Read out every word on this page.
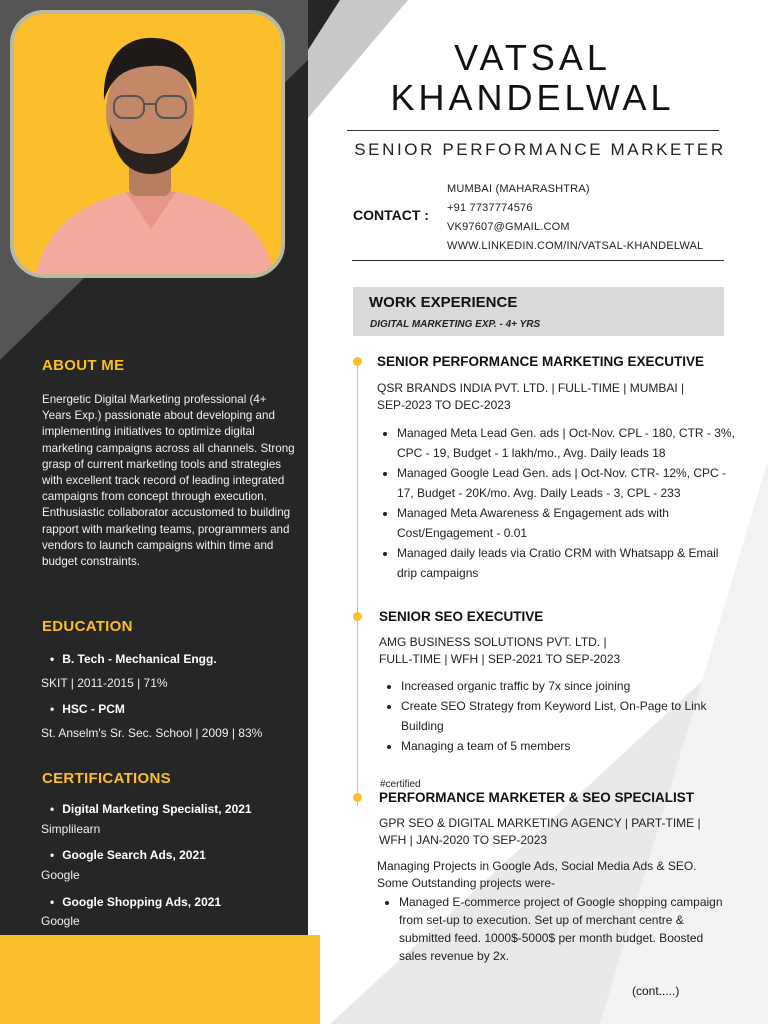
VATSAL
KHANDELWAL
SENIOR PERFORMANCE MARKETER
CONTACT :
MUMBAI (MAHARASHTRA)
+91 7737774576
VK97607@GMAIL.COM
WWW.LINKEDIN.COM/IN/VATSAL-KHANDELWAL
WORK EXPERIENCE
DIGITAL MARKETING EXP. - 4+ YRS
SENIOR PERFORMANCE MARKETING EXECUTIVE
QSR BRANDS INDIA PVT. LTD. | FULL-TIME | MUMBAI |
SEP-2023 TO DEC-2023
• Managed Meta Lead Gen. ads | Oct-Nov. CPL - 180, CTR - 3%, CPC - 19, Budget - 1 lakh/mo., Avg. Daily leads 18
• Managed Google Lead Gen. ads | Oct-Nov. CTR- 12%, CPC - 17, Budget - 20K/mo. Avg. Daily Leads - 3, CPL - 233
• Managed Meta Awareness & Engagement ads with Cost/Engagement - 0.01
• Managed daily leads via Cratio CRM with Whatsapp & Email drip campaigns
SENIOR SEO EXECUTIVE
AMG BUSINESS SOLUTIONS PVT. LTD. |
FULL-TIME | WFH | SEP-2021 TO SEP-2023
• Increased organic traffic by 7x since joining
• Create SEO Strategy from Keyword List, On-Page to Link Building
• Managing a team of 5 members
#certified
PERFORMANCE MARKETER & SEO SPECIALIST
GPR SEO & DIGITAL MARKETING AGENCY | PART-TIME |
WFH | JAN-2020 TO SEP-2023
Managing Projects in Google Ads, Social Media Ads & SEO.
Some Outstanding projects were-
• Managed E-commerce project of Google shopping campaign from set-up to execution. Set up of merchant centre & submitted feed. 1000$-5000$ per month budget. Boosted sales revenue by 2x.
(cont.....)
ABOUT ME
Energetic Digital Marketing professional (4+ Years Exp.) passionate about developing and implementing initiatives to optimize digital marketing campaigns across all channels. Strong grasp of current marketing tools and strategies with excellent track record of leading integrated campaigns from concept through execution. Enthusiastic collaborator accustomed to building rapport with marketing teams, programmers and vendors to launch campaigns within time and budget constraints.
EDUCATION
• B. Tech - Mechanical Engg.
SKIT | 2011-2015 | 71%
• HSC - PCM
St. Anselm's Sr. Sec. School | 2009 | 83%
CERTIFICATIONS
• Digital Marketing Specialist, 2021
Simplilearn
• Google Search Ads, 2021
Google
• Google Shopping Ads, 2021
Google
